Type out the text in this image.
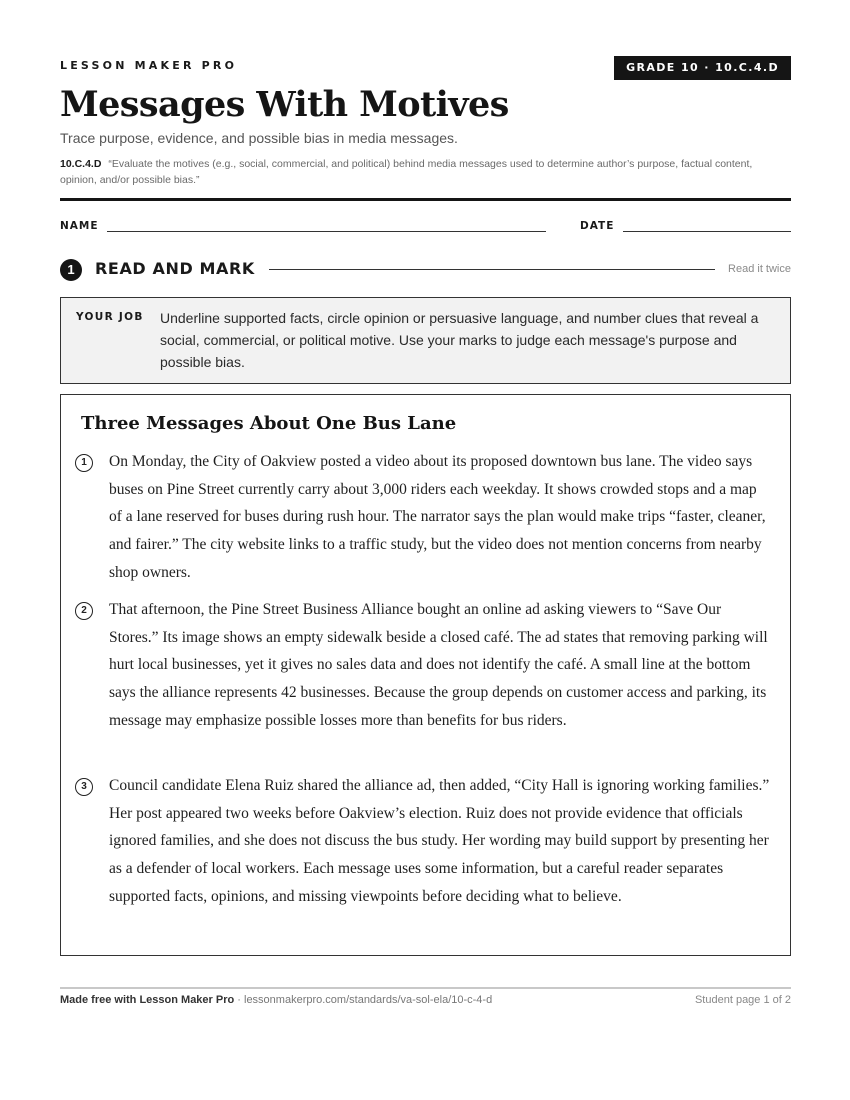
LESSON MAKER PRO	GRADE 10 · 10.C.4.D
Messages With Motives
Trace purpose, evidence, and possible bias in media messages.
10.C.4.D “Evaluate the motives (e.g., social, commercial, and political) behind media messages used to determine author’s purpose, factual content, opinion, and/or possible bias.”
NAME	DATE
1	READ AND MARK	Read it twice
YOUR JOB Underline supported facts, circle opinion or persuasive language, and number clues that reveal a social, commercial, or political motive. Use your marks to judge each message's purpose and possible bias.
Three Messages About One Bus Lane
1	On Monday, the City of Oakview posted a video about its proposed downtown bus lane. The video says buses on Pine Street currently carry about 3,000 riders each weekday. It shows crowded stops and a map of a lane reserved for buses during rush hour. The narrator says the plan would make trips “faster, cleaner, and fairer.” The city website links to a traffic study, but the video does not mention concerns from nearby shop owners.
2	That afternoon, the Pine Street Business Alliance bought an online ad asking viewers to “Save Our Stores.” Its image shows an empty sidewalk beside a closed café. The ad states that removing parking will hurt local businesses, yet it gives no sales data and does not identify the café. A small line at the bottom says the alliance represents 42 businesses. Because the group depends on customer access and parking, its message may emphasize possible losses more than benefits for bus riders.
3	Council candidate Elena Ruiz shared the alliance ad, then added, “City Hall is ignoring working families.” Her post appeared two weeks before Oakview’s election. Ruiz does not provide evidence that officials ignored families, and she does not discuss the bus study. Her wording may build support by presenting her as a defender of local workers. Each message uses some information, but a careful reader separates supported facts, opinions, and missing viewpoints before deciding what to believe.
Made free with Lesson Maker Pro · lessonmakerpro.com/standards/va-sol-ela/10-c-4-d	Student page 1 of 2
